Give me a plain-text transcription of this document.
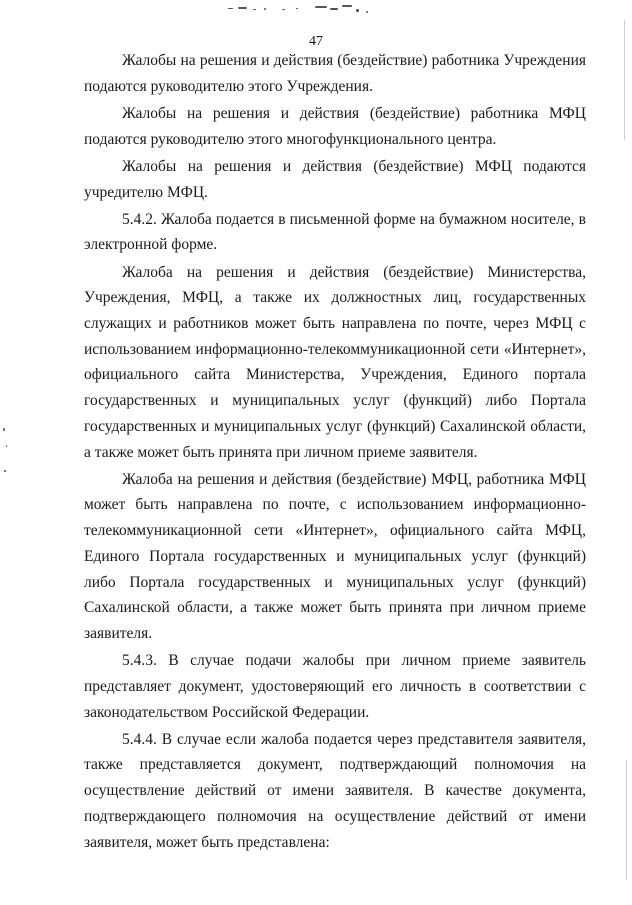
47

Жалобы на решения и действия (бездействие) работника Учреждения подаются руководителю этого Учреждения.

Жалобы на решения и действия (бездействие) работника МФЦ подаются руководителю этого многофункционального центра.

Жалобы на решения и действия (бездействие) МФЦ подаются учредителю МФЦ.

5.4.2. Жалоба подается в письменной форме на бумажном носителе, в электронной форме.

Жалоба на решения и действия (бездействие) Министерства, Учреждения, МФЦ, а также их должностных лиц, государственных служащих и работников может быть направлена по почте, через МФЦ с использованием информационно-телекоммуникационной сети «Интернет», официального сайта Министерства, Учреждения, Единого портала государственных и муниципальных услуг (функций) либо Портала государственных и муниципальных услуг (функций) Сахалинской области, а также может быть принята при личном приеме заявителя.

Жалоба на решения и действия (бездействие) МФЦ, работника МФЦ может быть направлена по почте, с использованием информационно-телекоммуникационной сети «Интернет», официального сайта МФЦ, Единого Портала государственных и муниципальных услуг (функций) либо Портала государственных и муниципальных услуг (функций) Сахалинской области, а также может быть принята при личном приеме заявителя.

5.4.3. В случае подачи жалобы при личном приеме заявитель представляет документ, удостоверяющий его личность в соответствии с законодательством Российской Федерации.

5.4.4. В случае если жалоба подается через представителя заявителя, также представляется документ, подтверждающий полномочия на осуществление действий от имени заявителя. В качестве документа, подтверждающего полномочия на осуществление действий от имени заявителя, может быть представлена:
